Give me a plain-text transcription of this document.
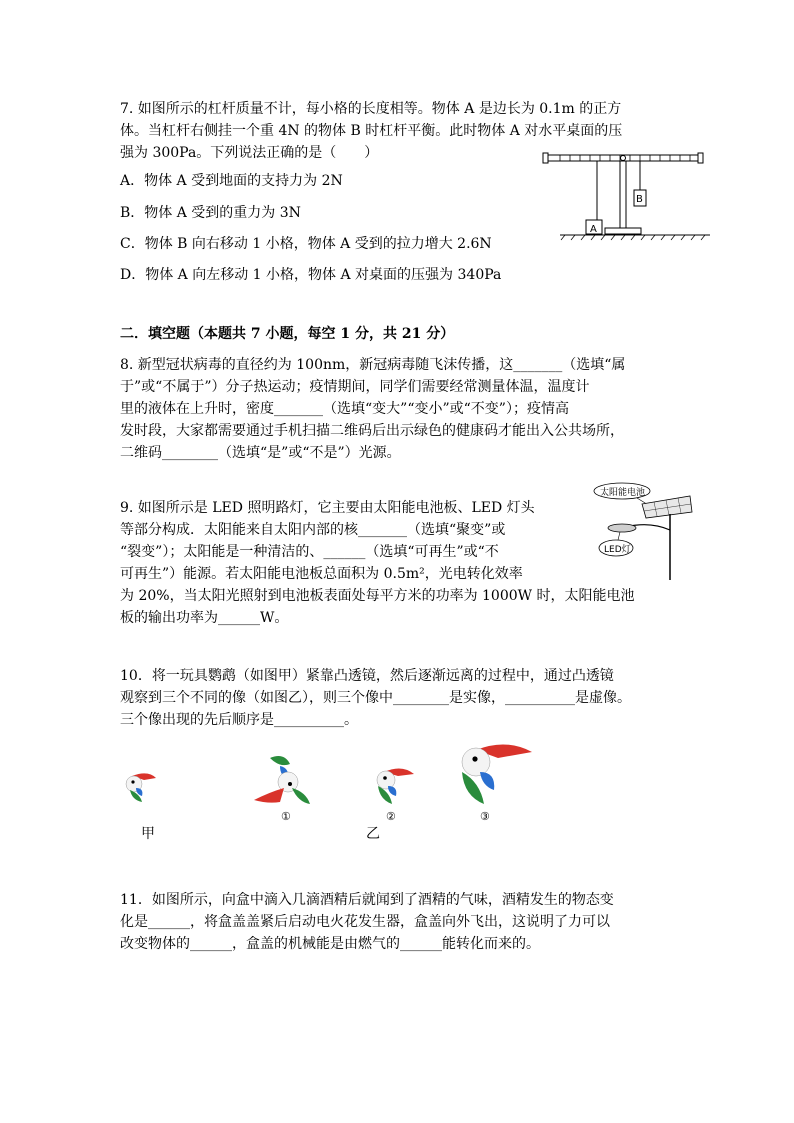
7. 如图所示的杠杆质量不计，每小格的长度相等。物体 A 是边长为 0.1m 的正方
体。当杠杆右侧挂一个重 4N 的物体 B 时杠杆平衡。此时物体 A 对水平桌面的压
强为 300Pa。下列说法正确的是（　　）
A．物体 A 受到地面的支持力为 2N
B．物体 A 受到的重力为 3N
C．物体 B 向右移动 1 小格，物体 A 受到的拉力增大 2.6N
D．物体 A 向左移动 1 小格，物体 A 对桌面的压强为 340Pa
A
B
二．填空题（本题共 7 小题，每空 1 分，共 21 分）
8. 新型冠状病毒的直径约为 100nm，新冠病毒随飞沫传播，这_______（选填“属
于”或“不属于”）分子热运动；疫情期间，同学们需要经常测量体温，温度计
里的液体在上升时，密度_______（选填“变大”“变小”或“不变”）；疫情高
发时段，大家都需要通过手机扫描二维码后出示绿色的健康码才能出入公共场所，
二维码________（选填“是”或“不是”）光源。
9. 如图所示是 LED 照明路灯，它主要由太阳能电池板、LED 灯头
等部分构成．太阳能来自太阳内部的核_______（选填“聚变”或
“裂变”）；太阳能是一种清洁的、______（选填“可再生”或“不
可再生”）能源。若太阳能电池板总面积为 0.5m²，光电转化效率
为 20%，当太阳光照射到电池板表面处每平方米的功率为 1000W 时，太阳能电池
板的输出功率为______W。
太阳能电池
LED灯
10．将一玩具鹦鹉（如图甲）紧靠凸透镜，然后逐渐远离的过程中，通过凸透镜
观察到三个不同的像（如图乙），则三个像中________是实像，__________是虚像。
三个像出现的先后顺序是__________。
甲
①	②
乙
③
11．如图所示，向盒中滴入几滴酒精后就闻到了酒精的气味，酒精发生的物态变
化是______，将盒盖盖紧后启动电火花发生器，盒盖向外飞出，这说明了力可以
改变物体的______，盒盖的机械能是由燃气的______能转化而来的。
